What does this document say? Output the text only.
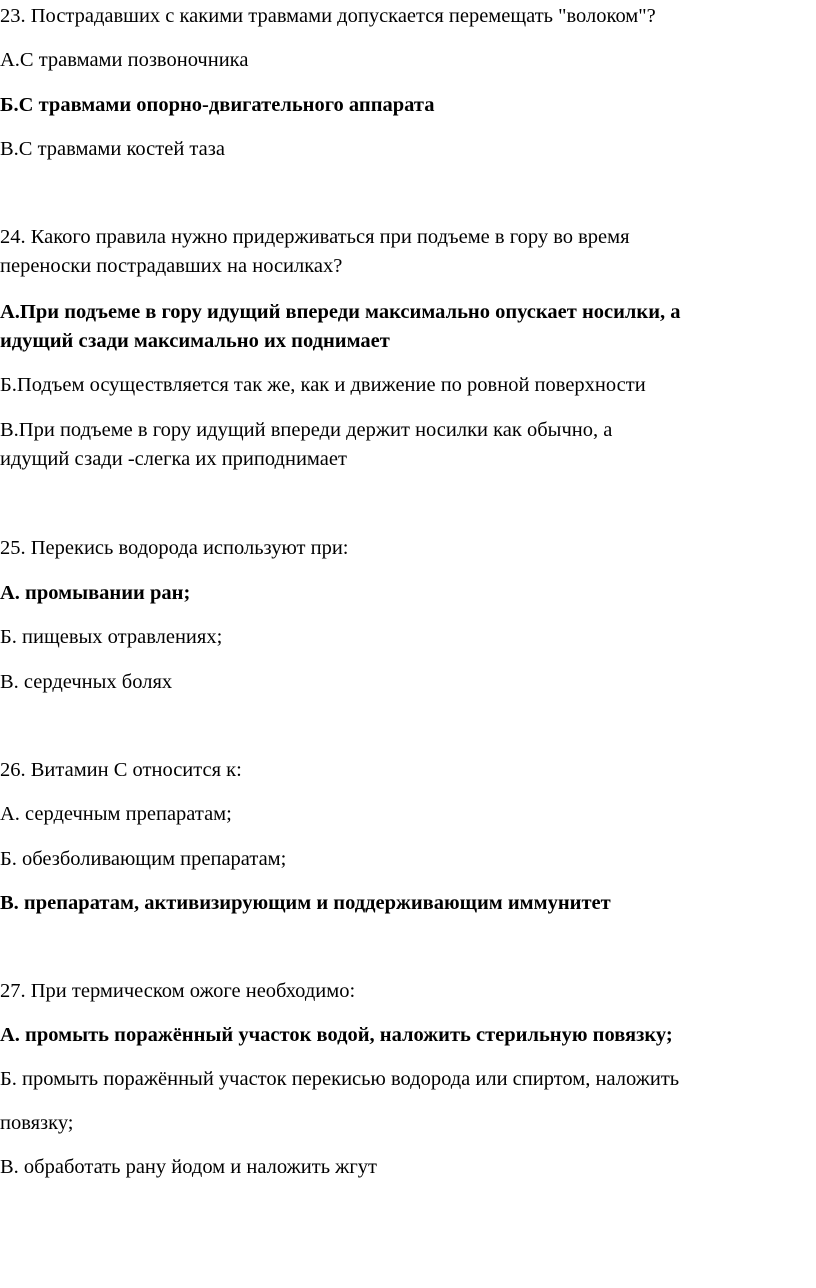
23. Пострадавших с какими травмами допускается перемещать "волоком"?

А.С травмами позвоночника

Б.С травмами опорно-двигательного аппарата

В.С травмами костей таза

24. Какого правила нужно придерживаться при подъеме в гору во время

переноски пострадавших на носилках?

А.При подъеме в гору идущий впереди максимально опускает носилки, а

идущий сзади максимально их поднимает

Б.Подъем осуществляется так же, как и движение по ровной поверхности

В.При подъеме в гору идущий впереди держит носилки как обычно, а

идущий сзади -слегка их приподнимает

25. Перекись водорода используют при:

А. промывании ран;

Б. пищевых отравлениях;

В. сердечных болях

26. Витамин С относится к:

А. сердечным препаратам;

Б. обезболивающим препаратам;

В. препаратам, активизирующим и поддерживающим иммунитет

27. При термическом ожоге необходимо:

А. промыть поражённый участок водой, наложить стерильную повязку;

Б. промыть поражённый участок перекисью водорода или спиртом, наложить

повязку;

В. обработать рану йодом и наложить жгут
